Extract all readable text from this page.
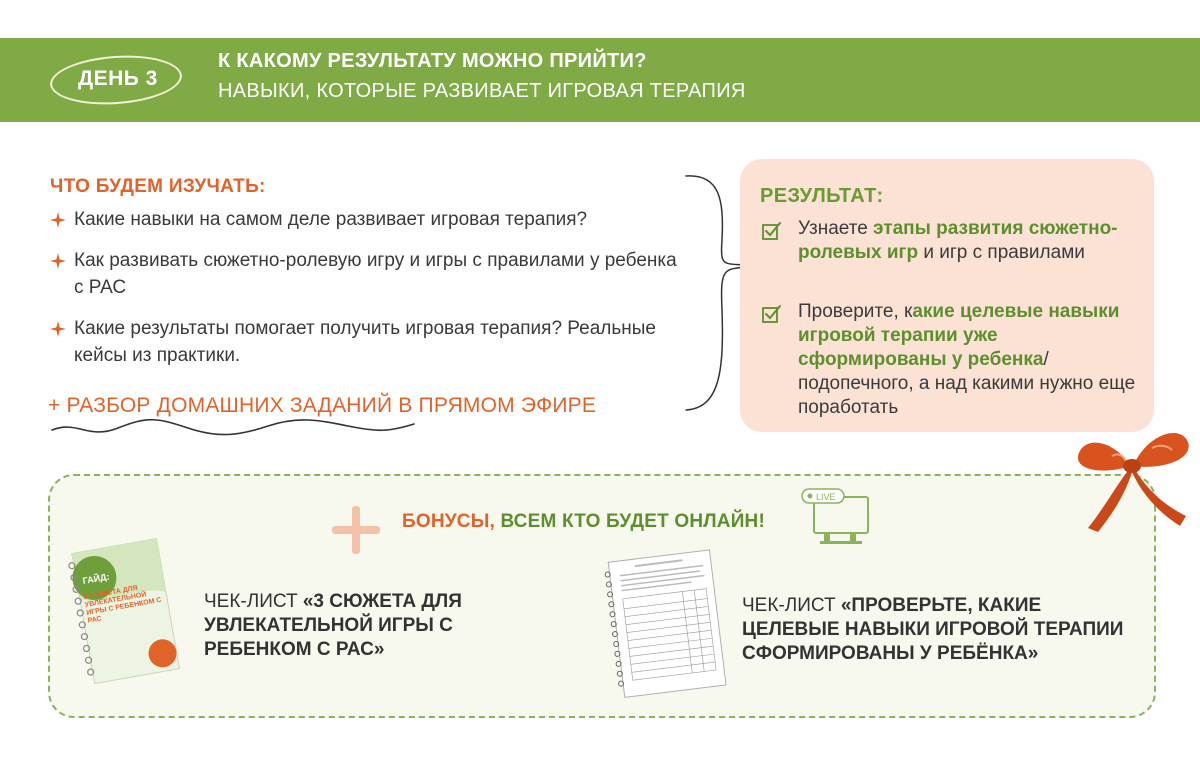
ДЕНЬ 3
К КАКОМУ РЕЗУЛЬТАТУ МОЖНО ПРИЙТИ?
НАВЫКИ, КОТОРЫЕ РАЗВИВАЕТ ИГРОВАЯ ТЕРАПИЯ
ЧТО БУДЕМ ИЗУЧАТЬ:
Какие навыки на самом деле развивает игровая терапия?
Как развивать сюжетно-ролевую игру и игры с правилами у ребенка с РАС
Какие результаты помогает получить игровая терапия? Реальные кейсы из практики.
+ РАЗБОР ДОМАШНИХ ЗАДАНИЙ В ПРЯМОМ ЭФИРЕ
РЕЗУЛЬТАТ:
Узнаете этапы развития сюжетно-ролевых игр и игр с правилами
Проверите, какие целевые навыки игровой терапии уже сформированы у ребенка/ подопечного, а над какими нужно еще поработать
БОНУСЫ, ВСЕМ КТО БУДЕТ ОНЛАЙН!
LIVE
ГАЙД:
3 СЮЖЕТА ДЛЯ УВЛЕКАТЕЛЬНОЙ ИГРЫ С РЕБЕНКОМ С РАС
ЧЕК-ЛИСТ «3 СЮЖЕТА ДЛЯ УВЛЕКАТЕЛЬНОЙ ИГРЫ С РЕБЕНКОМ С РАС»
ЧЕК-ЛИСТ «ПРОВЕРЬТЕ, КАКИЕ ЦЕЛЕВЫЕ НАВЫКИ ИГРОВОЙ ТЕРАПИИ СФОРМИРОВАНЫ У РЕБЁНКА»
